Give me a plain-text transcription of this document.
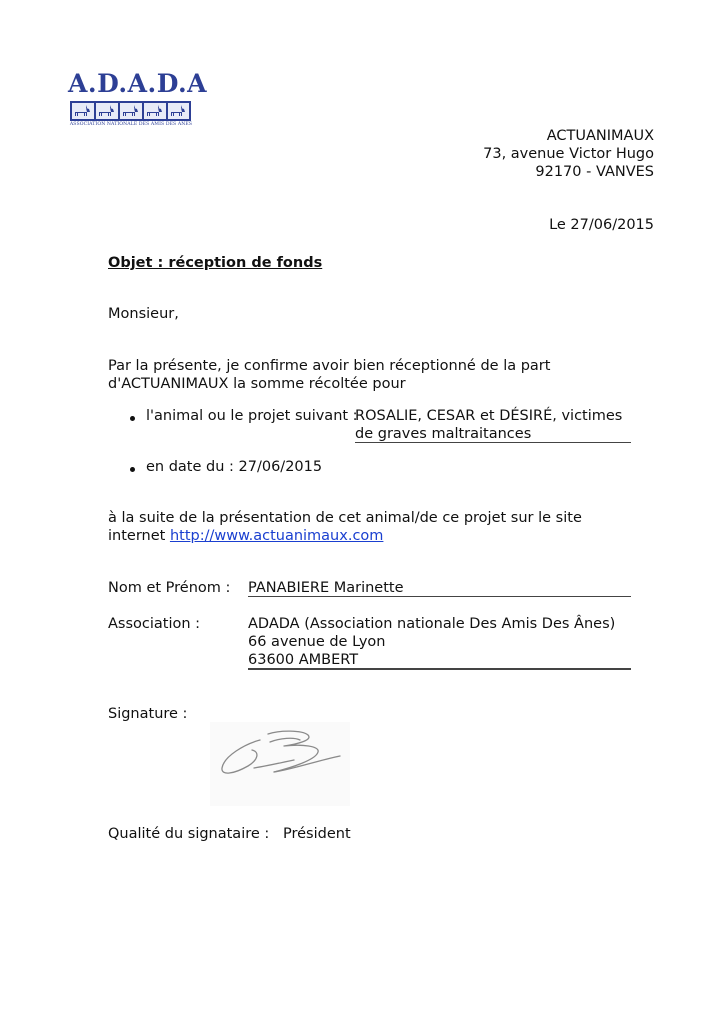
A.D.A.D.A
ASSOCIATION NATIONALE DES AMIS DES ANES
ACTUANIMAUX
73, avenue Victor Hugo
92170 - VANVES
Le 27/06/2015
Objet : réception de fonds
Monsieur,
Par la présente, je confirme avoir bien réceptionné de la part
d'ACTUANIMAUX la somme récoltée pour
l'animal ou le projet suivant :
ROSALIE, CESAR et DÉSIRÉ, victimes
de graves maltraitances
en date du : 27/06/2015
à la suite de la présentation de cet animal/de ce projet sur le site
internet http://www.actuanimaux.com
Nom et Prénom : PANABIERE Marinette
Association :	ADADA (Association nationale Des Amis Des Ânes)
66 avenue de Lyon
63600 AMBERT
Signature :
Qualité du signataire : Président
